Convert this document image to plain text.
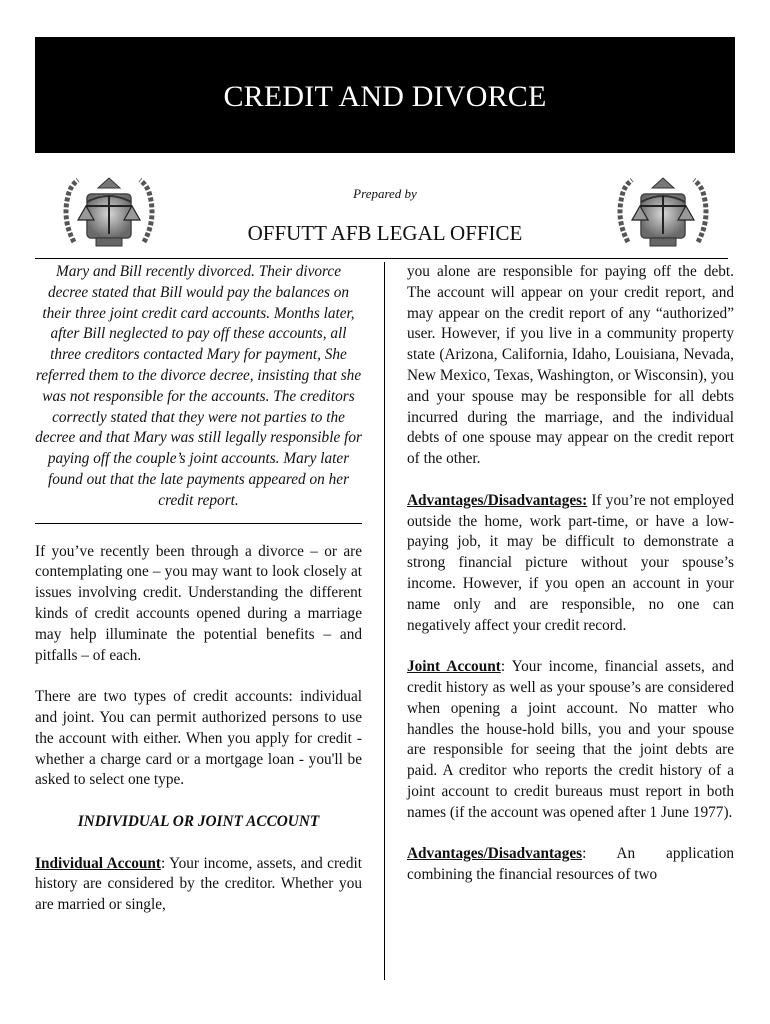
CREDIT AND DIVORCE
Prepared by
OFFUTT AFB LEGAL OFFICE

Mary and Bill recently divorced. Their divorce decree stated that Bill would pay the balances on their three joint credit card accounts. Months later, after Bill neglected to pay off these accounts, all three creditors contacted Mary for payment, She referred them to the divorce decree, insisting that she was not responsible for the accounts. The creditors correctly stated that they were not parties to the decree and that Mary was still legally responsible for paying off the couple’s joint accounts. Mary later found out that the late payments appeared on her credit report.

If you’ve recently been through a divorce – or are contemplating one – you may want to look closely at issues involving credit. Understanding the different kinds of credit accounts opened during a marriage may help illuminate the potential benefits – and pitfalls – of each.

There are two types of credit accounts: individual and joint. You can permit authorized persons to use the account with either. When you apply for credit - whether a charge card or a mortgage loan - you'll be asked to select one type.

INDIVIDUAL OR JOINT ACCOUNT

Individual Account: Your income, assets, and credit history are considered by the creditor. Whether you are married or single,

you alone are responsible for paying off the debt. The account will appear on your credit report, and may appear on the credit report of any “authorized” user. However, if you live in a community property state (Arizona, California, Idaho, Louisiana, Nevada, New Mexico, Texas, Washington, or Wisconsin), you and your spouse may be responsible for all debts incurred during the marriage, and the individual debts of one spouse may appear on the credit report of the other.

Advantages/Disadvantages: If you’re not employed outside the home, work part-time, or have a low-paying job, it may be difficult to demonstrate a strong financial picture without your spouse’s income. However, if you open an account in your name only and are responsible, no one can negatively affect your credit record.

Joint Account: Your income, financial assets, and credit history as well as your spouse’s are considered when opening a joint account. No matter who handles the house-hold bills, you and your spouse are responsible for seeing that the joint debts are paid. A creditor who reports the credit history of a joint account to credit bureaus must report in both names (if the account was opened after 1 June 1977).

Advantages/Disadvantages: An application combining the financial resources of two
